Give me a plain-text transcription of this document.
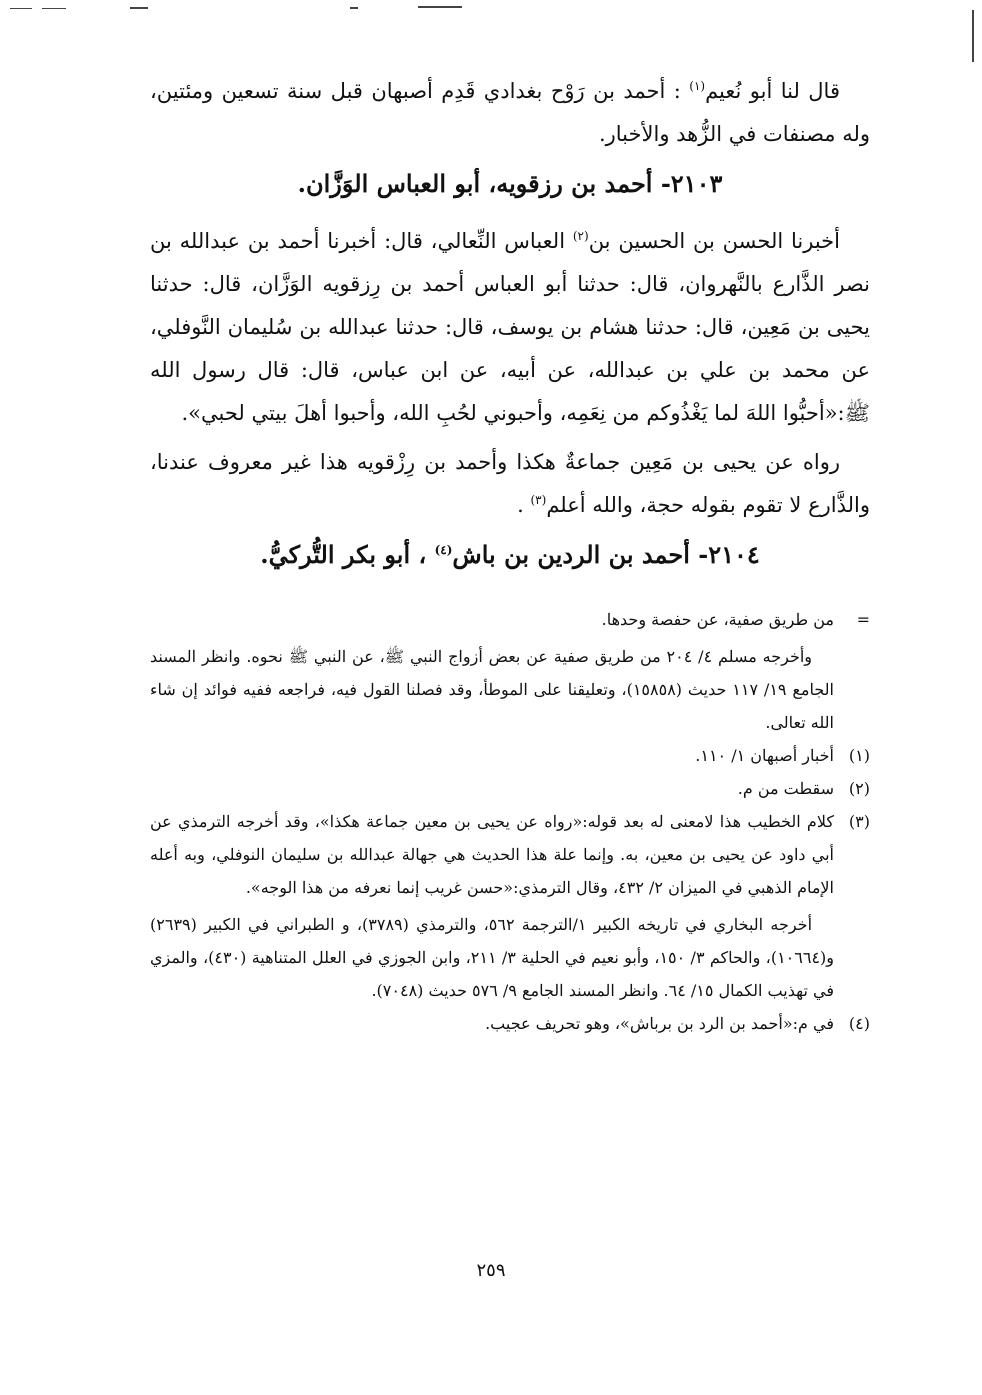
قال لنا أبو نُعيم$^{(١)}$ : أحمد بن رَوْح بغدادي قَدِم أصبهان قبل سنة تسعين ومئتين، وله مصنفات في الزُّهد والأخبار.

٢١٠٣- أحمد بن رزقويه، أبو العباس الوَزَّان.

أخبرنا الحسن بن الحسين بن$^{(٢)}$ العباس النِّعالي، قال: أخبرنا أحمد بن عبدالله بن نصر الذَّارع بالنَّهروان، قال: حدثنا أبو العباس أحمد بن رِزقويه الوَزَّان، قال: حدثنا يحيى بن مَعِين، قال: حدثنا هشام بن يوسف، قال: حدثنا عبدالله بن سُليمان النَّوفلي، عن محمد بن علي بن عبدالله، عن أبيه، عن ابن عباس، قال: قال رسول الله ﷺ:«أحبُّوا اللهَ لما يَغْذُوكم من نِعَمِه، وأحبوني لحُبِ الله، وأحبوا أهلَ بيتي لحبي».

رواه عن يحيى بن مَعِين جماعةٌ هكذا وأحمد بن رِزْقويه هذا غير معروف عندنا، والذَّارع لا تقوم بقوله حجة، والله أعلم$^{(٣)}$ .

٢١٠٤- أحمد بن الردين بن باش$^{(٤)}$ ، أبو بكر التُّركيُّ.
=
من طريق صفية، عن حفصة وحدها.
وأخرجه مسلم ٤/ ٢٠٤ من طريق صفية عن بعض أزواج النبي ﷺ، عن النبي ﷺ نحوه. وانظر المسند الجامع ١٩/ ١١٧ حديث (١٥٨٥٨)، وتعليقنا على الموطأ، وقد فصلنا القول فيه، فراجعه ففيه فوائد إن شاء الله تعالى.
(١)
أخبار أصبهان ١/ ١١٠.
(٢)
سقطت من م.
(٣)
كلام الخطيب هذا لامعنى له بعد قوله:«رواه عن يحيى بن معين جماعة هكذا»، وقد أخرجه الترمذي عن أبي داود عن يحيى بن معين، به. وإنما علة هذا الحديث هي جهالة عبدالله بن سليمان النوفلي، وبه أعله الإمام الذهبي في الميزان ٢/ ٤٣٢، وقال الترمذي:«حسن غريب إنما نعرفه من هذا الوجه».
أخرجه البخاري في تاريخه الكبير ١/الترجمة ٥٦٢، والترمذي (٣٧٨٩)، و الطبراني في الكبير (٢٦٣٩) و(١٠٦٦٤)، والحاكم ٣/ ١٥٠، وأبو نعيم في الحلية ٣/ ٢١١، وابن الجوزي في العلل المتناهية (٤٣٠)، والمزي في تهذيب الكمال ١٥/ ٦٤. وانظر المسند الجامع ٩/ ٥٧٦ حديث (٧٠٤٨).
(٤)
في م:«أحمد بن الرد بن برباش»، وهو تحريف عجيب.
٢٥٩
